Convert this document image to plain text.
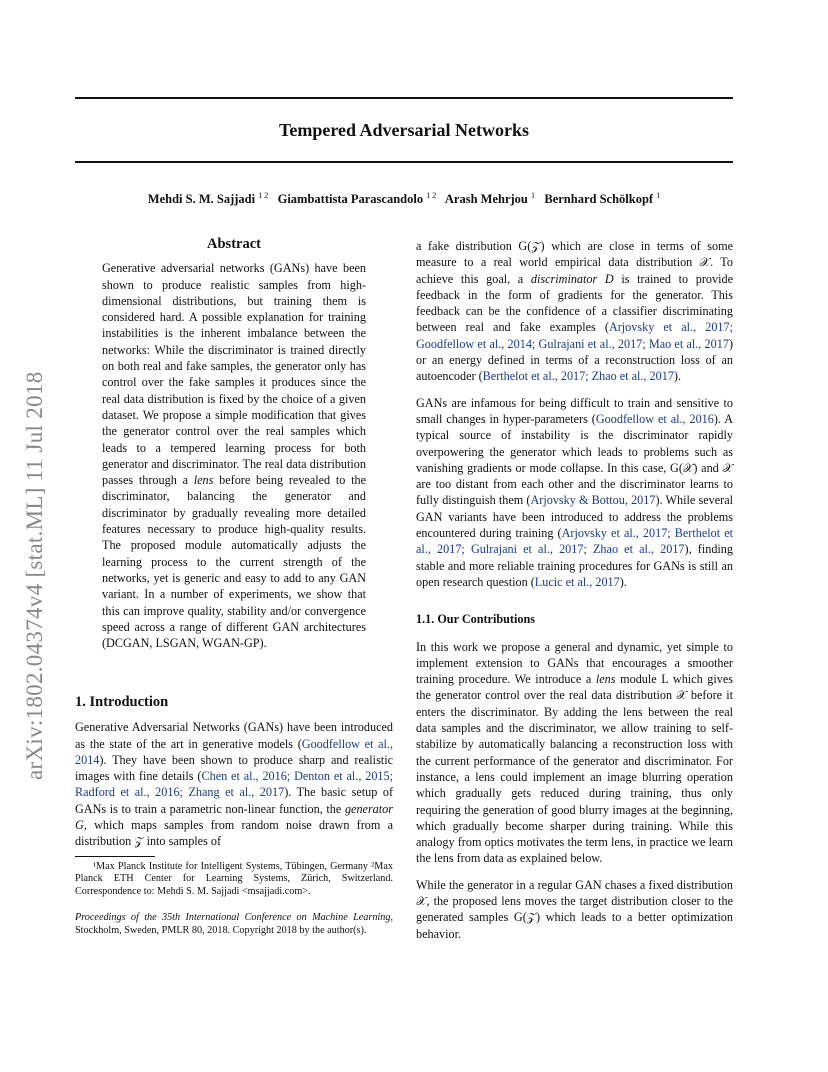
Tempered Adversarial Networks
Mehdi S. M. Sajjadi $^{1 2}$ Giambattista Parascandolo $^{1 2}$ Arash Mehrjou $^1$ Bernhard Schölkopf $^1$
arXiv:1802.04374v4 [stat.ML] 11 Jul 2018
Abstract

Generative adversarial networks (GANs) have been shown to produce realistic samples from high-dimensional distributions, but training them is considered hard. A possible explanation for training instabilities is the inherent imbalance between the networks: While the discriminator is trained directly on both real and fake samples, the generator only has control over the fake samples it produces since the real data distribution is fixed by the choice of a given dataset. We propose a simple modification that gives the generator control over the real samples which leads to a tempered learning process for both generator and discriminator. The real data distribution passes through a lens before being revealed to the discriminator, balancing the generator and discriminator by gradually revealing more detailed features necessary to produce high-quality results. The proposed module automatically adjusts the learning process to the current strength of the networks, yet is generic and easy to add to any GAN variant. In a number of experiments, we show that this can improve quality, stability and/or convergence speed across a range of different GAN architectures (DCGAN, LSGAN, WGAN-GP).

1. Introduction

Generative Adversarial Networks (GANs) have been introduced as the state of the art in generative models (Goodfellow et al., 2014). They have been shown to produce sharp and realistic images with fine details (Chen et al., 2016; Denton et al., 2015; Radford et al., 2016; Zhang et al., 2017). The basic setup of GANs is to train a parametric non-linear function, the generator G, which maps samples from random noise drawn from a distribution 𝒵 into samples of

¹Max Planck Institute for Intelligent Systems, Tübingen, Germany ²Max Planck ETH Center for Learning Systems, Zürich, Switzerland. Correspondence to: Mehdi S. M. Sajjadi <msajjadi.com>.

Proceedings of the 35th International Conference on Machine Learning, Stockholm, Sweden, PMLR 80, 2018. Copyright 2018 by the author(s).

a fake distribution G(𝒵) which are close in terms of some measure to a real world empirical data distribution 𝒳. To achieve this goal, a discriminator D is trained to provide feedback in the form of gradients for the generator. This feedback can be the confidence of a classifier discriminating between real and fake examples (Arjovsky et al., 2017; Goodfellow et al., 2014; Gulrajani et al., 2017; Mao et al., 2017) or an energy defined in terms of a reconstruction loss of an autoencoder (Berthelot et al., 2017; Zhao et al., 2017).

GANs are infamous for being difficult to train and sensitive to small changes in hyper-parameters (Goodfellow et al., 2016). A typical source of instability is the discriminator rapidly overpowering the generator which leads to problems such as vanishing gradients or mode collapse. In this case, G(𝒳) and 𝒳 are too distant from each other and the discriminator learns to fully distinguish them (Arjovsky & Bottou, 2017). While several GAN variants have been introduced to address the problems encountered during training (Arjovsky et al., 2017; Berthelot et al., 2017; Gulrajani et al., 2017; Zhao et al., 2017), finding stable and more reliable training procedures for GANs is still an open research question (Lucic et al., 2017).

1.1. Our Contributions

In this work we propose a general and dynamic, yet simple to implement extension to GANs that encourages a smoother training procedure. We introduce a lens module L which gives the generator control over the real data distribution 𝒳 before it enters the discriminator. By adding the lens between the real data samples and the discriminator, we allow training to self-stabilize by automatically balancing a reconstruction loss with the current performance of the generator and discriminator. For instance, a lens could implement an image blurring operation which gradually gets reduced during training, thus only requiring the generation of good blurry images at the beginning, which gradually become sharper during training. While this analogy from optics motivates the term lens, in practice we learn the lens from data as explained below.

While the generator in a regular GAN chases a fixed distribution 𝒳, the proposed lens moves the target distribution closer to the generated samples G(𝒵) which leads to a better optimization behavior.
